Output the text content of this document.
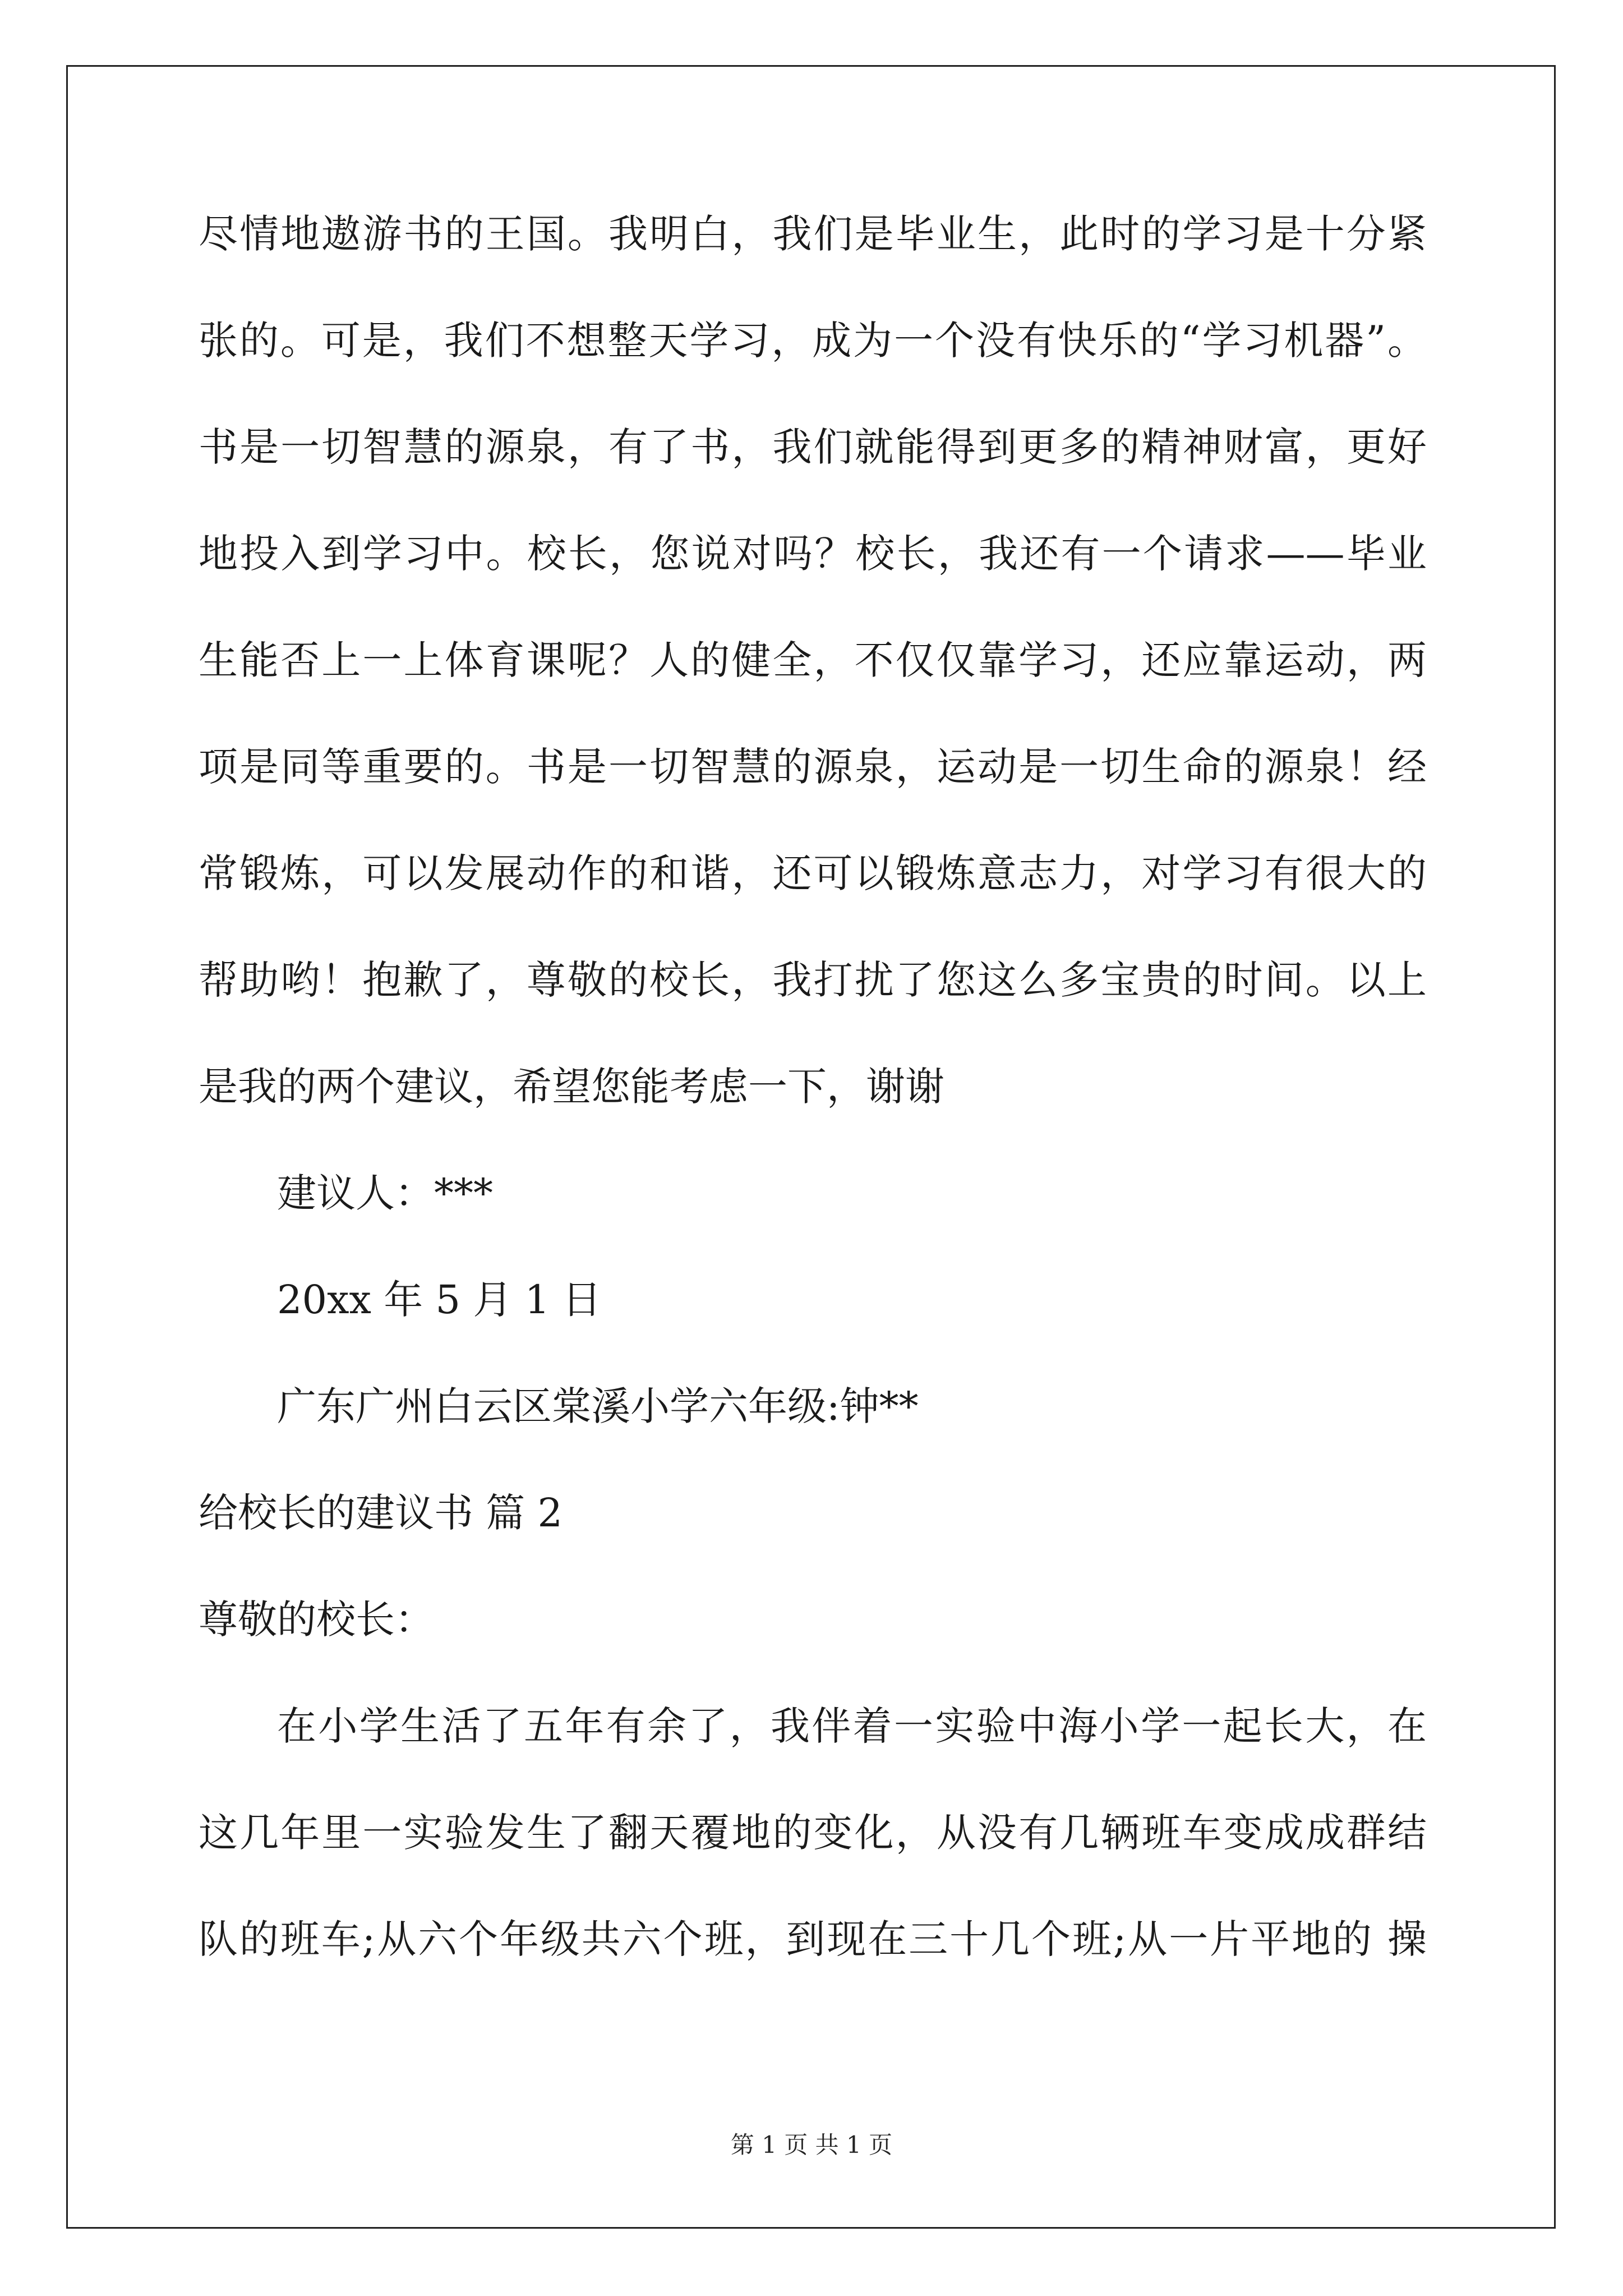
尽情地遨游书的王国。我明白，我们是毕业生，此时的学习是十分紧
张的。可是，我们不想整天学习，成为一个没有快乐的“学习机器”。
书是一切智慧的源泉，有了书，我们就能得到更多的精神财富，更好
地投入到学习中。校长，您说对吗？校长，我还有一个请求——毕业
生能否上一上体育课呢？人的健全，不仅仅靠学习，还应靠运动，两
项是同等重要的。书是一切智慧的源泉，运动是一切生命的源泉！经
常锻炼，可以发展动作的和谐，还可以锻炼意志力，对学习有很大的
帮助哟！抱歉了，尊敬的校长，我打扰了您这么多宝贵的时间。以上
是我的两个建议，希望您能考虑一下，谢谢
建议人：***
20xx 年 5 月 1 日
广东广州白云区棠溪小学六年级:钟**
给校长的建议书 篇 2
尊敬的校长：
在小学生活了五年有余了，我伴着一实验中海小学一起长大，在
这几年里一实验发生了翻天覆地的变化，从没有几辆班车变成成群结
队的班车;从六个年级共六个班，到现在三十几个班;从一片平地的 操
第 1 页 共 1 页
